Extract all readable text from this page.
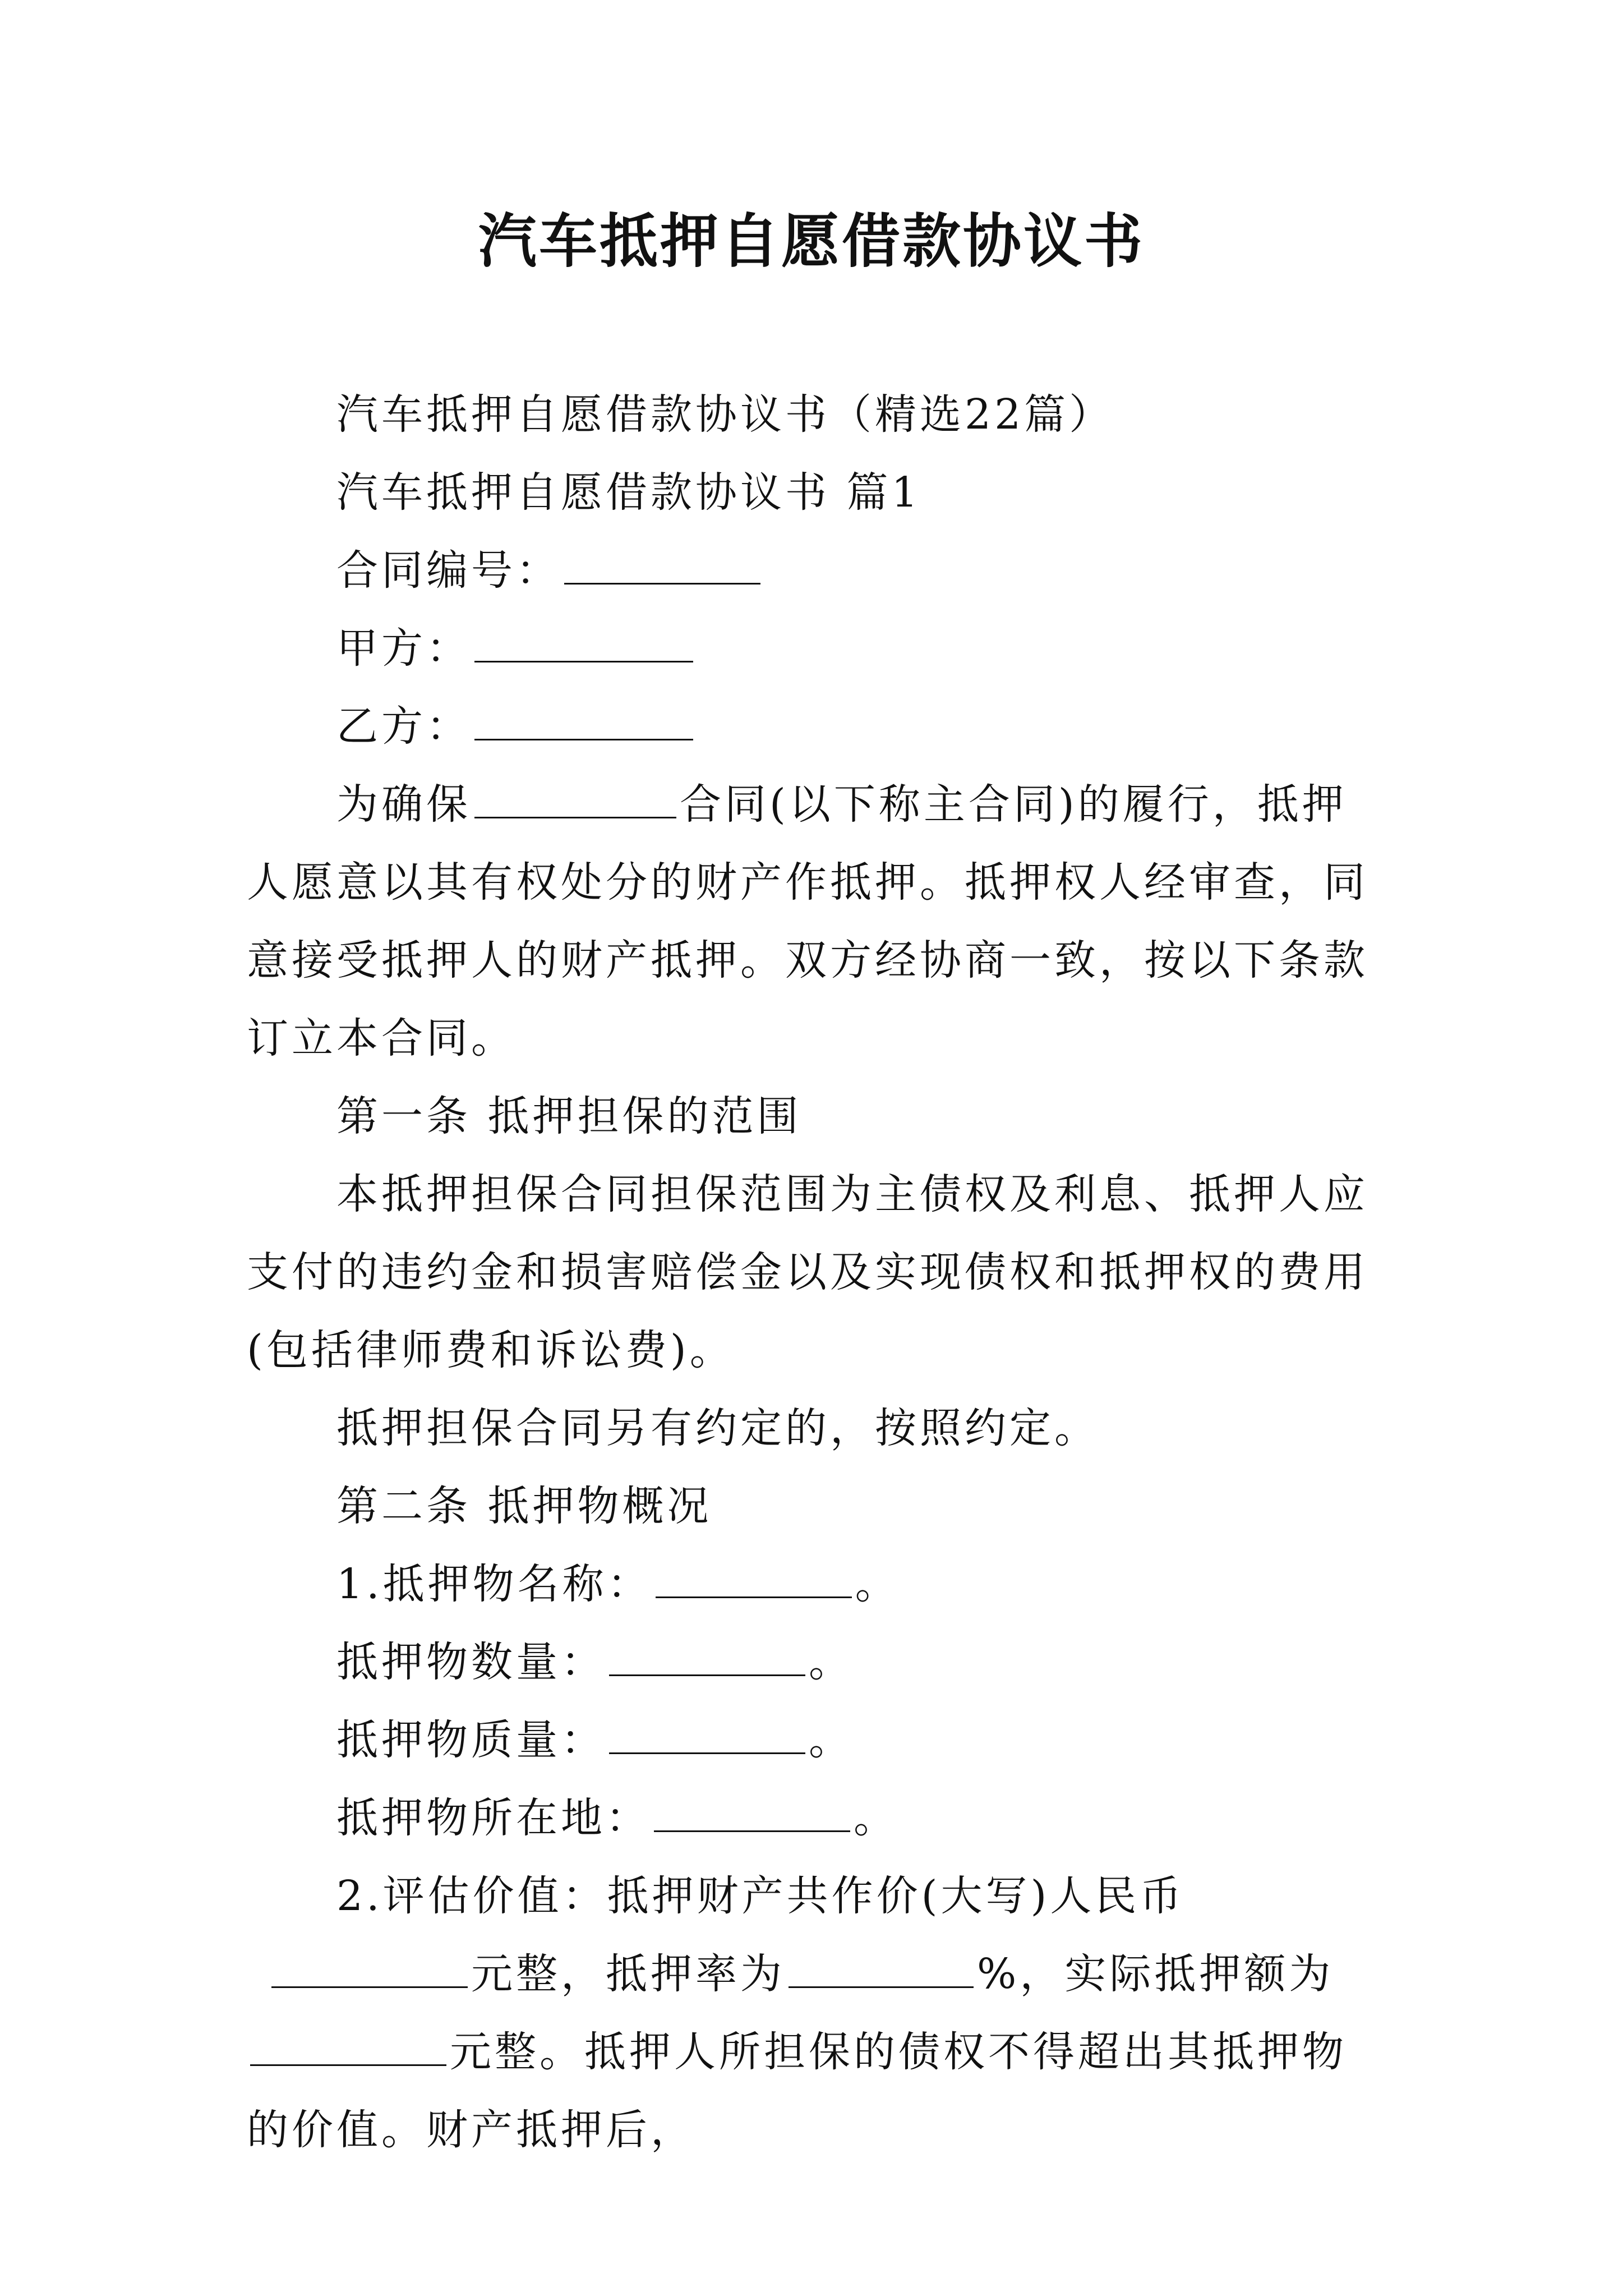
汽车抵押自愿借款协议书

汽车抵押自愿借款协议书（精选22篇）

汽车抵押自愿借款协议书 篇1

合同编号：

甲方：

乙方：

为确保	合同(以下称主合同)的履行，抵押人愿意以其有权处分的财产作抵押。抵押权人经审查，同意接受抵押人的财产抵押。双方经协商一致，按以下条款订立本合同。

第一条 抵押担保的范围

本抵押担保合同担保范围为主债权及利息、抵押人应支付的违约金和损害赔偿金以及实现债权和抵押权的费用(包括律师费和诉讼费)。

抵押担保合同另有约定的，按照约定。

第二条 抵押物概况

1.抵押物名称：	。

抵押物数量：	。

抵押物质量：	。

抵押物所在地：	。

2.评估价值：抵押财产共作价(大写)人民币元整，抵押率为	%，实际抵押额为元整。抵押人所担保的债权不得超出其抵押物的价值。财产抵押后，
